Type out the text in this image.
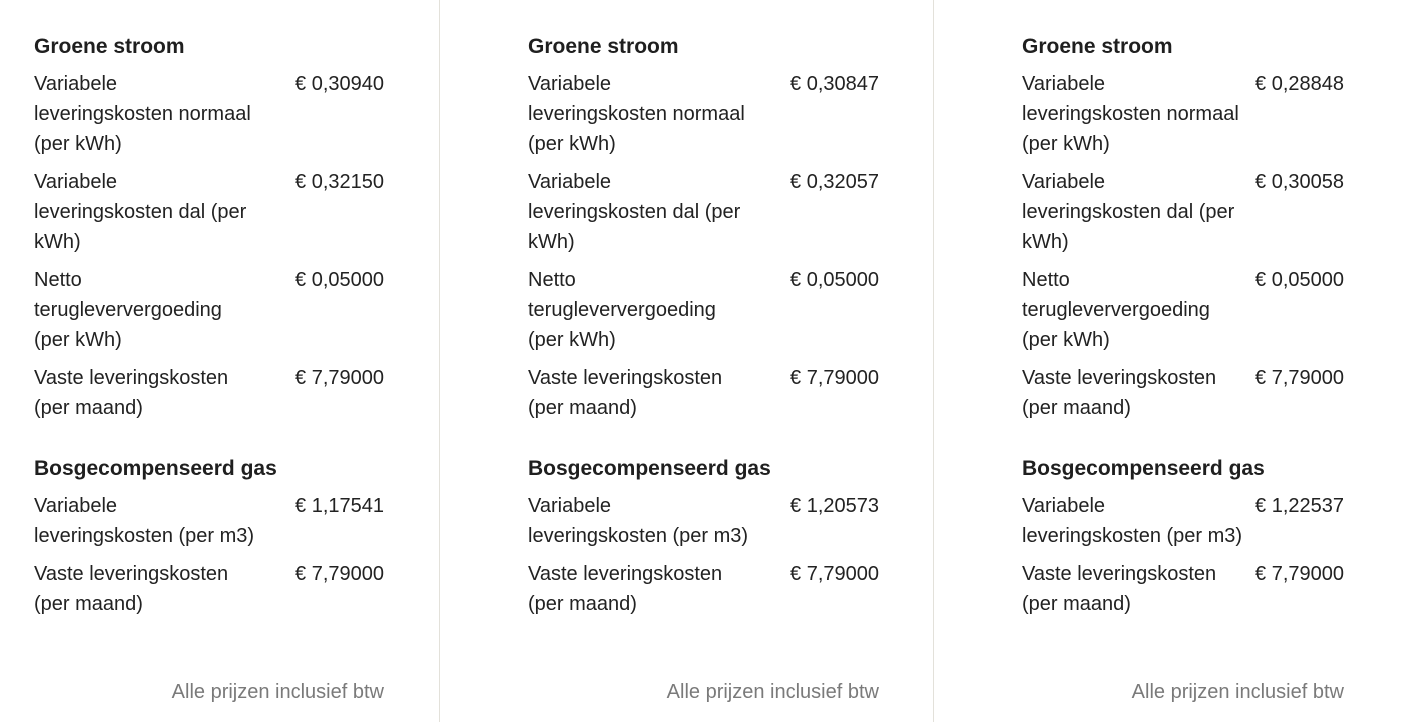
Groene stroom
Variabele leveringskosten normaal (per kWh)
€ 0,30940
Variabele leveringskosten dal (per kWh)
€ 0,32150
Netto terugleververgoeding (per kWh)
€ 0,05000
Vaste leveringskosten (per maand)
€ 7,79000
Bosgecompenseerd gas
Variabele leveringskosten (per m3)
€ 1,17541
Vaste leveringskosten (per maand)
€ 7,79000
Alle prijzen inclusief btw
Groene stroom
Variabele leveringskosten normaal (per kWh)
€ 0,30847
Variabele leveringskosten dal (per kWh)
€ 0,32057
Netto terugleververgoeding (per kWh)
€ 0,05000
Vaste leveringskosten (per maand)
€ 7,79000
Bosgecompenseerd gas
Variabele leveringskosten (per m3)
€ 1,20573
Vaste leveringskosten (per maand)
€ 7,79000
Alle prijzen inclusief btw
Groene stroom
Variabele leveringskosten normaal (per kWh)
€ 0,28848
Variabele leveringskosten dal (per kWh)
€ 0,30058
Netto terugleververgoeding (per kWh)
€ 0,05000
Vaste leveringskosten (per maand)
€ 7,79000
Bosgecompenseerd gas
Variabele leveringskosten (per m3)
€ 1,22537
Vaste leveringskosten (per maand)
€ 7,79000
Alle prijzen inclusief btw
